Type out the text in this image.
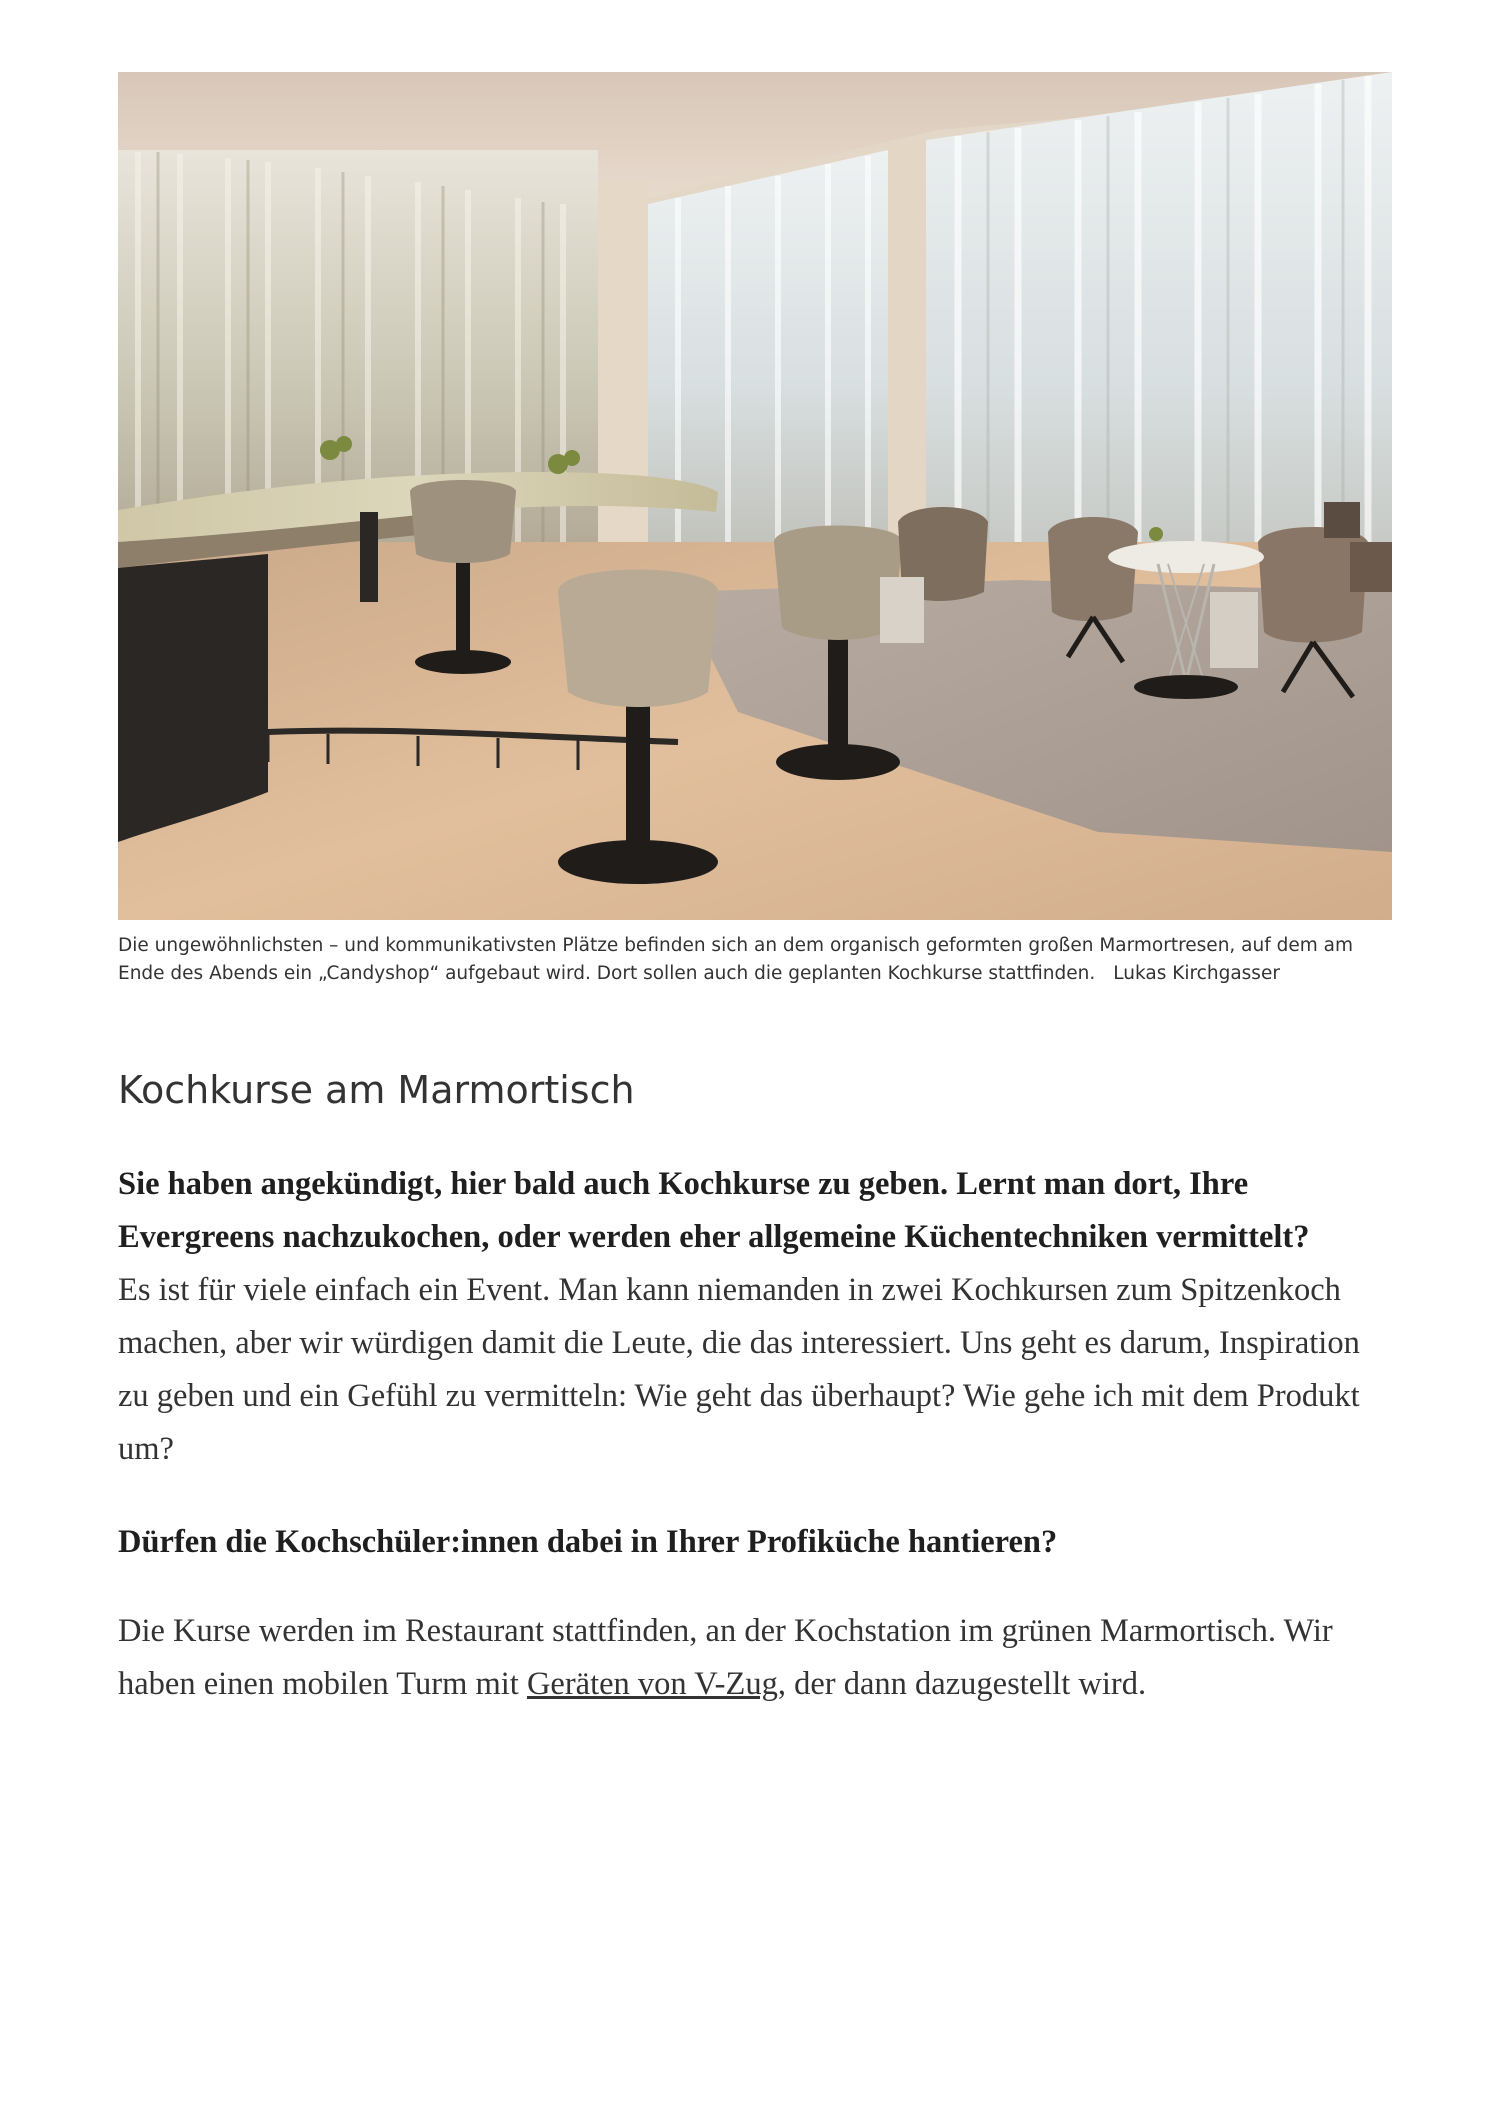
Die ungewöhnlichsten – und kommunikativsten Plätze befinden sich an dem organisch geformten großen Marmortresen, auf dem am Ende des Abends ein „Candyshop“ aufgebaut wird. Dort sollen auch die geplanten Kochkurse stattfinden. Lukas Kirchgasser
Kochkurse am Marmortisch

Sie haben angekündigt, hier bald auch Kochkurse zu geben. Lernt man dort, Ihre Evergreens nachzukochen, oder werden eher allgemeine Küchentechniken vermittelt?

Es ist für viele einfach ein Event. Man kann niemanden in zwei Kochkursen zum Spitzenkoch machen, aber wir würdigen damit die Leute, die das interessiert. Uns geht es darum, Inspiration zu geben und ein Gefühl zu vermitteln: Wie geht das überhaupt? Wie gehe ich mit dem Produkt um?

Dürfen die Kochschüler:innen dabei in Ihrer Profiküche hantieren?

Die Kurse werden im Restaurant stattfinden, an der Kochstation im grünen Marmortisch. Wir haben einen mobilen Turm mit Geräten von V-Zug, der dann dazugestellt wird.
